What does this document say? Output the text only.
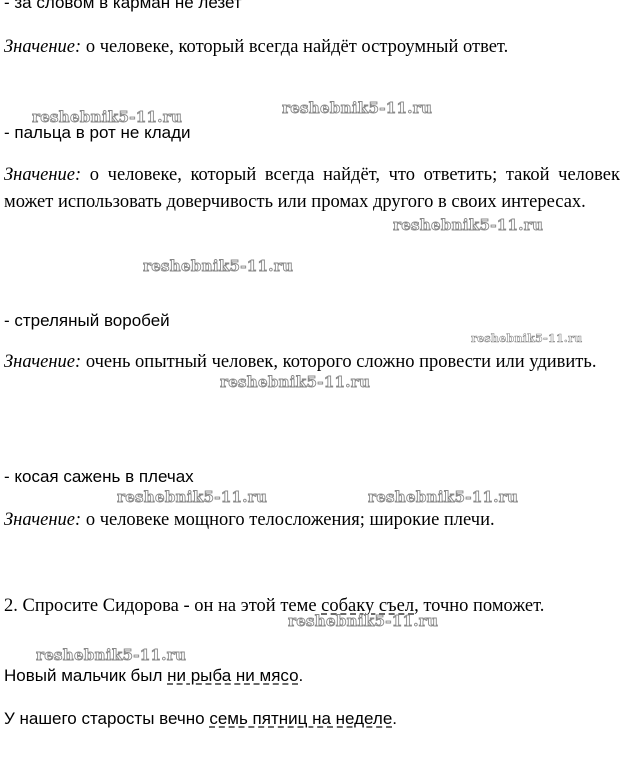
- за словом в карман не лезет
Значение: о человеке, который всегда найдёт остроумный ответ.
- пальца в рот не клади
Значение: о человеке, который всегда найдёт, что ответить; такой человек может использовать доверчивость или промах другого в своих интересах.
- стреляный воробей
Значение: очень опытный человек, которого сложно провести или удивить.
- косая сажень в плечах
Значение: о человеке мощного телосложения; широкие плечи.
2. Спросите Сидорова - он на этой теме собаку съел, точно поможет.
Новый мальчик был ни рыба ни мясо.
У нашего старосты вечно семь пятниц на неделе.
reshebnik5-11.ru	reshebnik5-11.ru
reshebnik5-11.ru
reshebnik5-11.ru
reshebnik5-11.ru
reshebnik5-11.ru
reshebnik5-11.ru	reshebnik5-11.ru
reshebnik5-11.ru
reshebnik5-11.ru
